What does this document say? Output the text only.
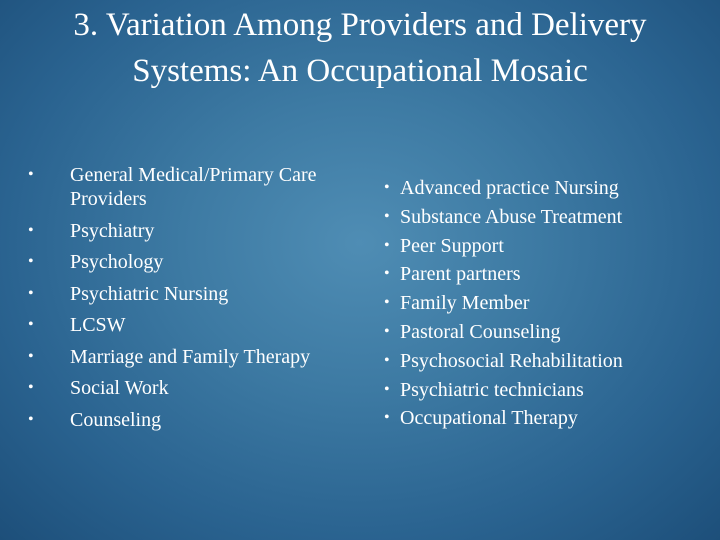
3. Variation Among Providers and Delivery Systems: An Occupational Mosaic
• General Medical/Primary Care Providers
• Psychiatry
• Psychology
• Psychiatric Nursing
• LCSW
• Marriage and Family Therapy
• Social Work
• Counseling
• Advanced practice Nursing
• Substance Abuse Treatment
• Peer Support
• Parent partners
• Family Member
• Pastoral Counseling
• Psychosocial Rehabilitation
• Psychiatric technicians
• Occupational Therapy
